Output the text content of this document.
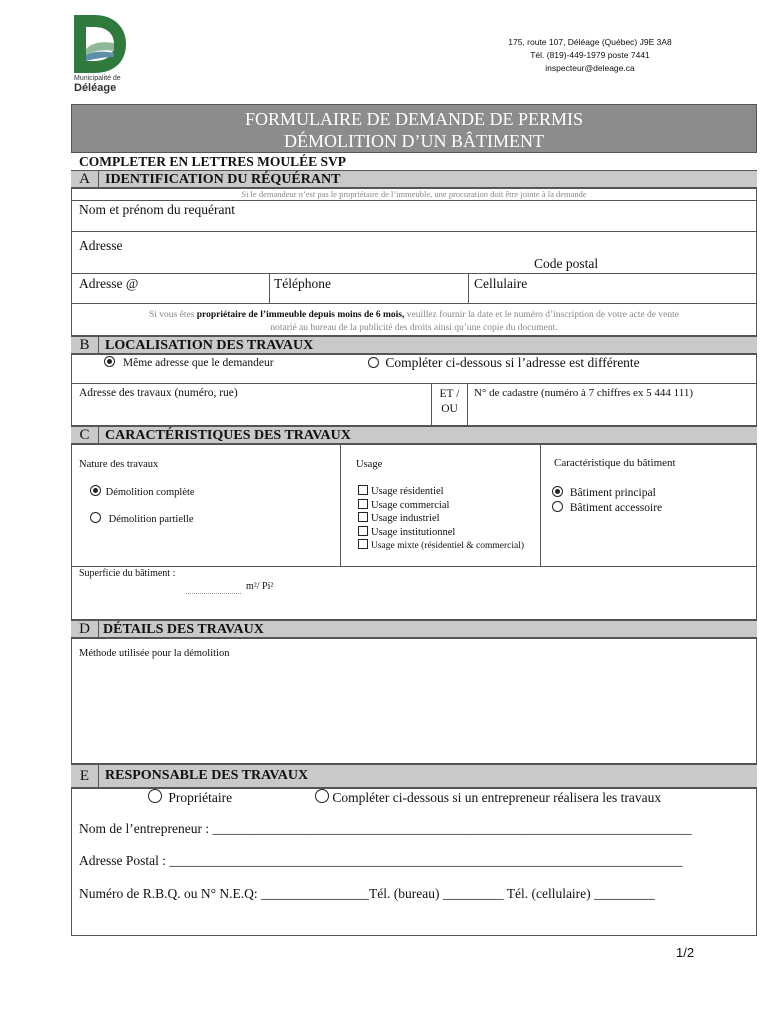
Municipalité de
Déléage
175, route 107, Déléage (Québec) J9E 3A8
Tél. (819)-449-1979 poste 7441
inspecteur@deleage.ca
FORMULAIRE DE DEMANDE DE PERMIS
DÉMOLITION D’UN BÂTIMENT
COMPLETER EN LETTRES MOULÉE SVP
A	IDENTIFICATION DU RÉQUÉRANT
Si le demandeur n’est pas le propriétaire de l’immeuble, une procuration doit être jointe à la demande
Nom et prénom du requérant
Adresse
Code postal
Adresse @	Téléphone	Cellulaire
Si vous êtes propriétaire de l’immeuble depuis moins de 6 mois, veuillez fournir la date et le numéro d’inscription de votre acte de vente
notarié au bureau de la publicité des droits ainsi qu’une copie du document.
B	LOCALISATION DES TRAVAUX
Même adresse que le demandeur	Compléter ci-dessous si l’adresse est différente
Adresse des travaux (numéro, rue)	ET /
OU
N° de cadastre (numéro à 7 chiffres ex 5 444 111)
C	CARACTÉRISTIQUES DES TRAVAUX
Nature des travaux
Démolition complète
Démolition partielle
Usage
Usage résidentiel
Usage commercial
Usage industriel
Usage institutionnel
Usage mixte (résidentiel & commercial)
Caractéristique du bâtiment
Bâtiment principal
Bâtiment accessoire
Superficie du bâtiment :
m²/ Pi²
D DÉTAILS DES TRAVAUX
Méthode utilisée pour la démolition
E	RESPONSABLE DES TRAVAUX
Propriétaire	Compléter ci-dessous si un entrepreneur réalisera les travaux
Nom de l’entrepreneur : _______________________________________________________________________
Adresse Postal : ____________________________________________________________________________
Numéro de R.B.Q. ou N° N.E.Q: ________________Tél. (bureau) _________ Tél. (cellulaire) _________
1/2
